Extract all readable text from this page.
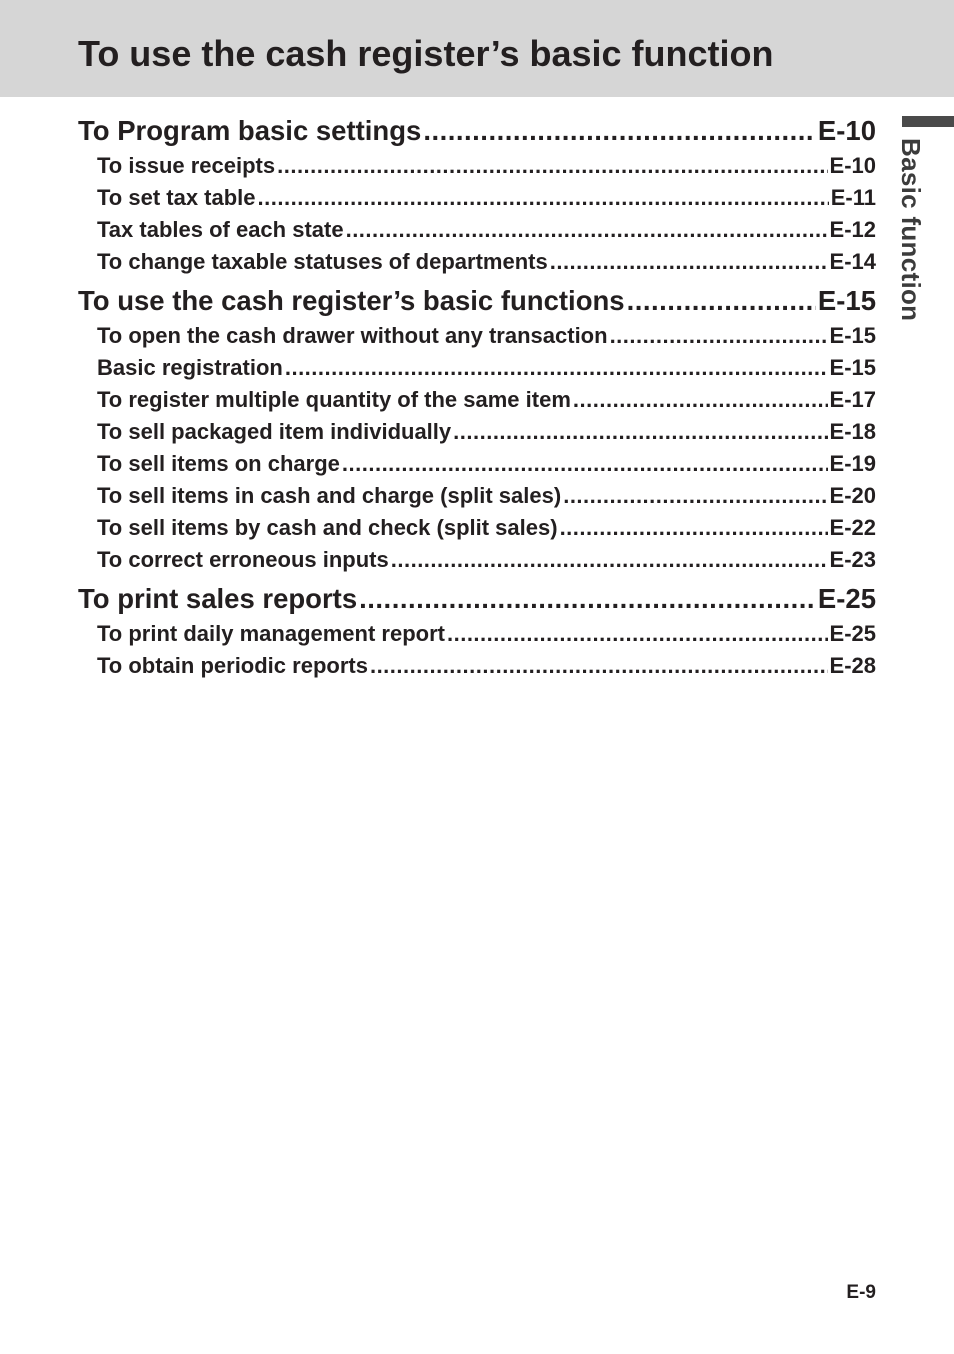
To use the cash register’s basic function
Basic function
To Program basic settings .....	E-10
To issue receipts .....	E-10
To set tax table .....	E-11
Tax tables of each state .....	E-12
To change taxable statuses of departments .....	E-14
To use the cash register’s basic functions .....	E-15
To open the cash drawer without any transaction .....	E-15
Basic registration .....	E-15
To register multiple quantity of the same item .....	E-17
To sell packaged item individually .....	E-18
To sell items on charge .....	E-19
To sell items in cash and charge (split sales) .....	E-20
To sell items by cash and check (split sales) .....	E-22
To correct erroneous inputs .....	E-23
To print sales reports .....	E-25
To print daily management report .....	E-25
To obtain periodic reports .....	E-28
E-9
